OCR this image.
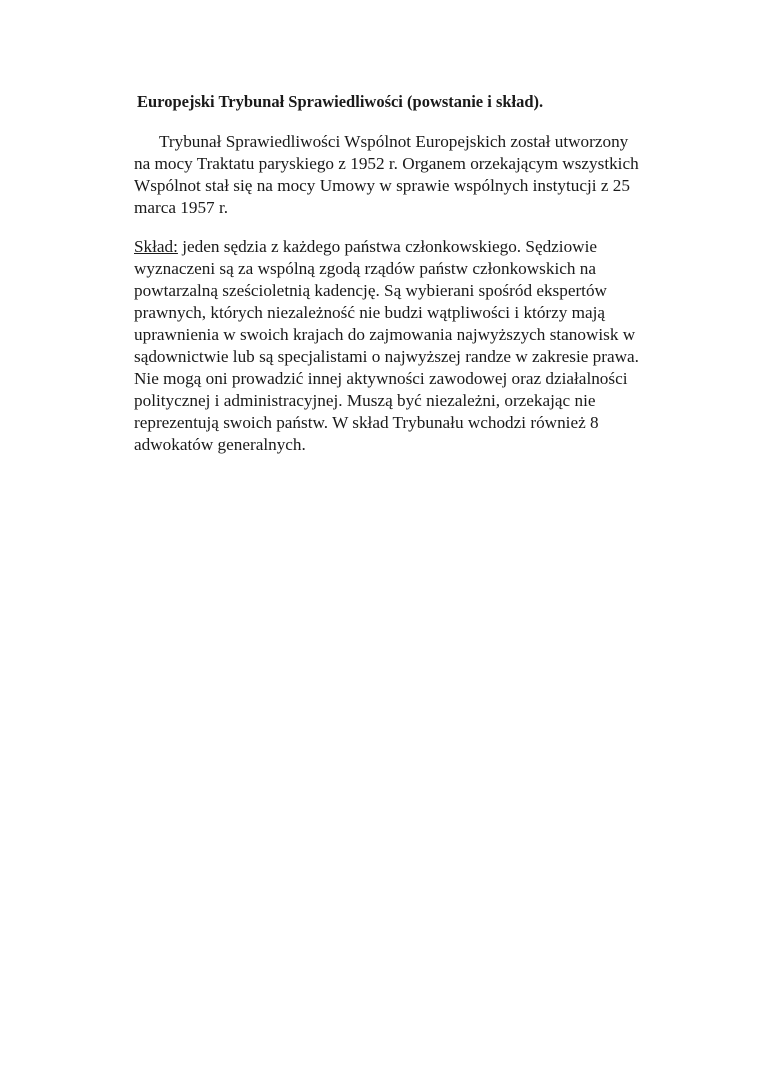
Europejski Trybunał Sprawiedliwości (powstanie i skład).

Trybunał Sprawiedliwości Wspólnot Europejskich został utworzony
na mocy Traktatu paryskiego z 1952 r. Organem orzekającym wszystkich
Wspólnot stał się na mocy Umowy w sprawie wspólnych instytucji z 25
marca 1957 r.

Skład: jeden sędzia z każdego państwa członkowskiego. Sędziowie
wyznaczeni są za wspólną zgodą rządów państw członkowskich na
powtarzalną sześcioletnią kadencję. Są wybierani spośród ekspertów
prawnych, których niezależność nie budzi wątpliwości i którzy mają
uprawnienia w swoich krajach do zajmowania najwyższych stanowisk w
sądownictwie lub są specjalistami o najwyższej randze w zakresie prawa.
Nie mogą oni prowadzić innej aktywności zawodowej oraz działalności
politycznej i administracyjnej. Muszą być niezależni, orzekając nie
reprezentują swoich państw. W skład Trybunału wchodzi również 8
adwokatów generalnych.
